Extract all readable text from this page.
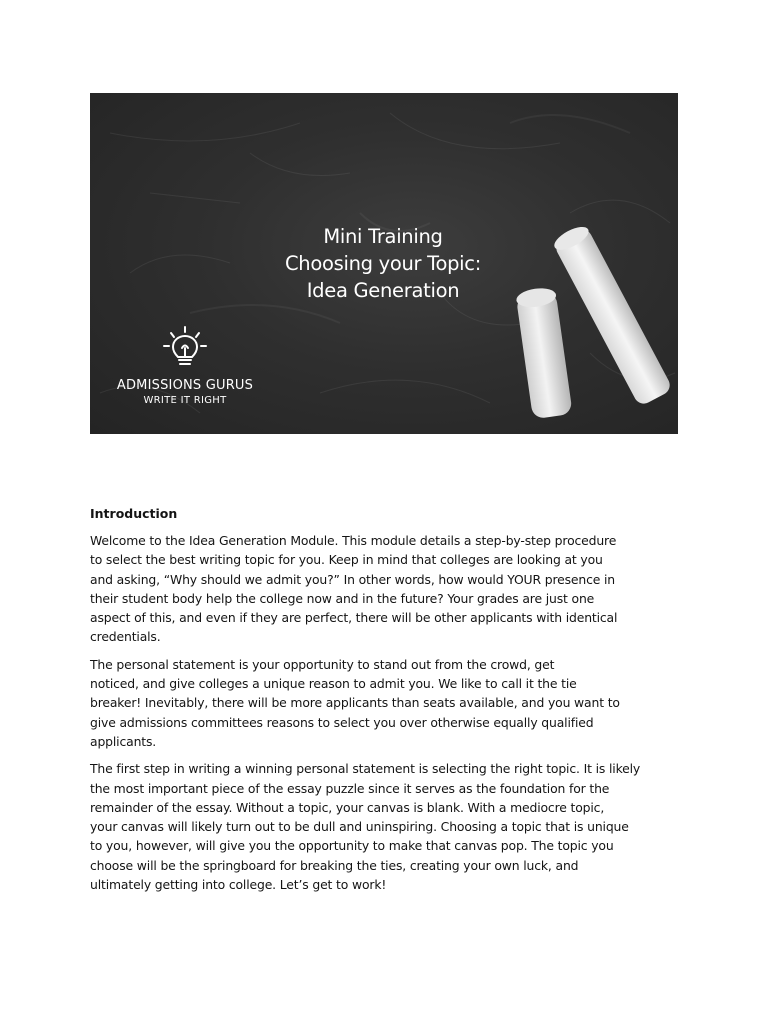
Mini Training
Choosing your Topic:
Idea Generation
ADMISSIONS GURUS
WRITE IT RIGHT
Introduction

Welcome to the Idea Generation Module. This module details a step-by-step procedure
to select the best writing topic for you. Keep in mind that colleges are looking at you
and asking, “Why should we admit you?” In other words, how would YOUR presence in
their student body help the college now and in the future? Your grades are just one
aspect of this, and even if they are perfect, there will be other applicants with identical
credentials.

The personal statement is your opportunity to stand out from the crowd, get
noticed, and give colleges a unique reason to admit you. We like to call it the tie
breaker! Inevitably, there will be more applicants than seats available, and you want to
give admissions committees reasons to select you over otherwise equally qualified
applicants.

The first step in writing a winning personal statement is selecting the right topic. It is likely
the most important piece of the essay puzzle since it serves as the foundation for the
remainder of the essay. Without a topic, your canvas is blank. With a mediocre topic,
your canvas will likely turn out to be dull and uninspiring. Choosing a topic that is unique
to you, however, will give you the opportunity to make that canvas pop. The topic you
choose will be the springboard for breaking the ties, creating your own luck, and
ultimately getting into college. Let’s get to work!
